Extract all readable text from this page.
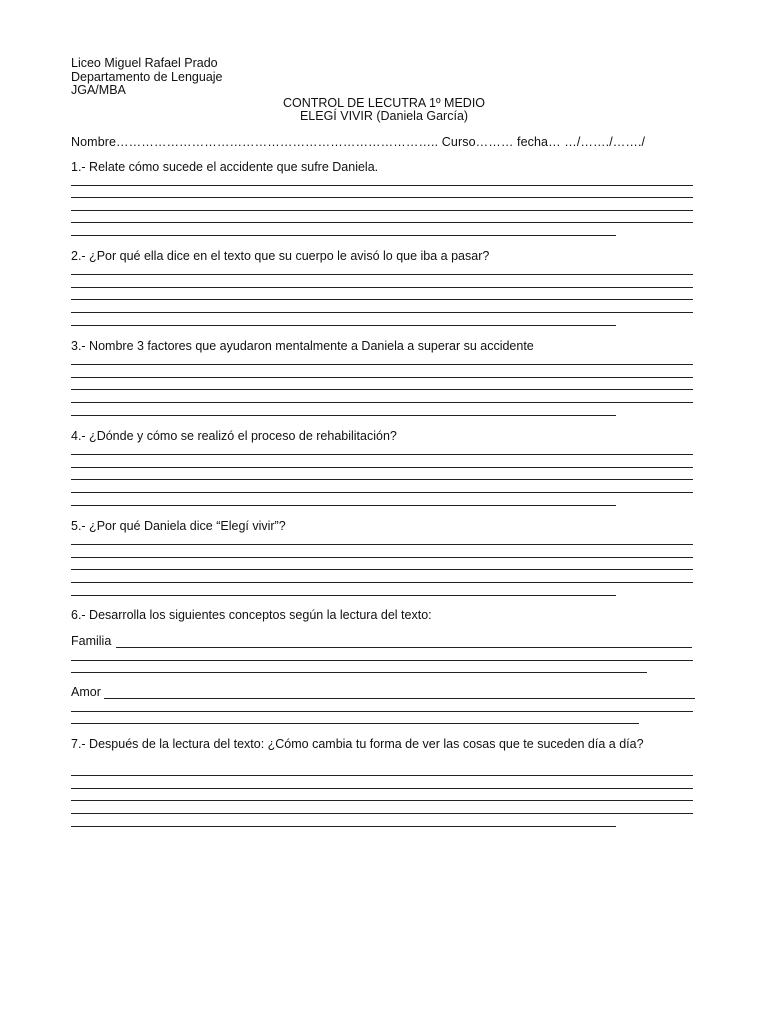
Liceo Miguel Rafael Prado
Departamento de Lenguaje
JGA/MBA
CONTROL DE LECUTRA 1º MEDIO
ELEGÍ VIVIR (Daniela García)
Nombre………………………………………………………………….. Curso……… fecha… …/……./……./
1.- Relate cómo sucede el accidente que sufre Daniela.
2.- ¿Por qué ella dice en el texto que su cuerpo le avisó lo que iba a pasar?
3.- Nombre 3 factores que ayudaron mentalmente a Daniela a superar su accidente
4.- ¿Dónde y cómo se realizó el proceso de rehabilitación?
5.- ¿Por qué Daniela dice “Elegí vivir”?
6.- Desarrolla los siguientes conceptos según la lectura del texto:
Familia
Amor
7.- Después de la lectura del texto: ¿Cómo cambia tu forma de ver las cosas que te suceden día a día?
